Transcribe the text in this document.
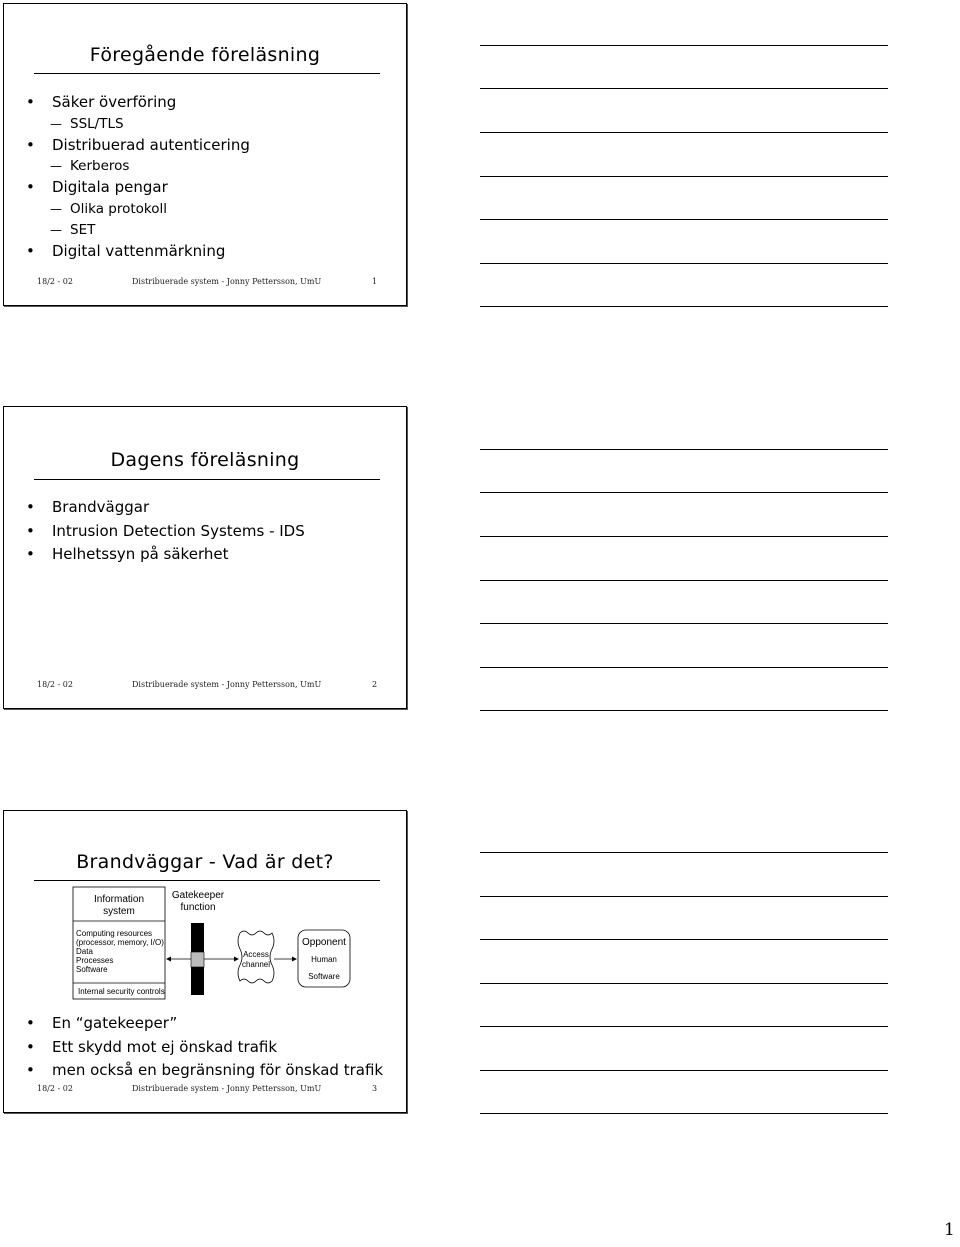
Föregående föreläsning
• Säker överföring
— SSL/TLS
• Distribuerad autenticering
— Kerberos
• Digitala pengar
— Olika protokoll
— SET
• Digital vattenmärkning
18/2 - 02	Distribuerade system - Jonny Pettersson, UmU	1
Dagens föreläsning
• Brandväggar
• Intrusion Detection Systems - IDS
• Helhetssyn på säkerhet
18/2 - 02	Distribuerade system - Jonny Pettersson, UmU	2
Brandväggar - Vad är det?
Information
system
Computing resources
(processor, memory, I/O)
Data
Processes
Software
Internal security controls
Gatekeeper
function
Access
channel
Opponent
Human
Software
• En “gatekeeper”
• Ett skydd mot ej önskad trafik
• men också en begränsning för önskad trafik
18/2 - 02	Distribuerade system - Jonny Pettersson, UmU	3
1
